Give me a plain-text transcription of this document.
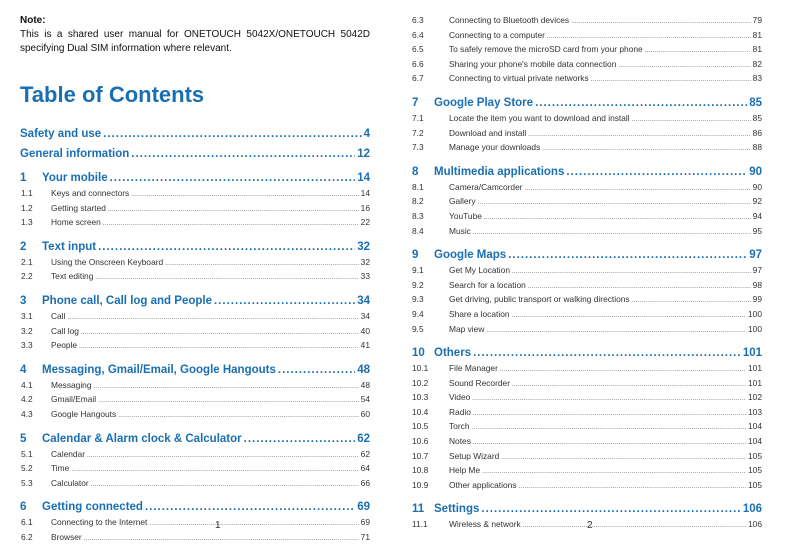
Note:
This is a shared user manual for ONETOUCH 5042X/ONETOUCH 5042D specifying Dual SIM information where relevant.
Table of Contents
Safety and use .....	4
General information .....	12
1	Your mobile .....	14
1.1	Keys and connectors .....	14
1.2	Getting started .....	16
1.3	Home screen .....	22
2	Text input .....	32
2.1	Using the Onscreen Keyboard .....	32
2.2	Text editing .....	33
3	Phone call, Call log and People .....	34
3.1	Call .....	34
3.2	Call log .....	40
3.3	People .....	41
4	Messaging, Gmail/Email, Google Hangouts .....	48
4.1	Messaging .....	48
4.2	Gmail/Email .....	54
4.3	Google Hangouts .....	60
5	Calendar & Alarm clock & Calculator .....	62
5.1	Calendar .....	62
5.2	Time .....	64
5.3	Calculator .....	66
6	Getting connected .....	69
6.1	Connecting to the Internet .....	69
6.2	Browser .....	71
1
6.3	Connecting to Bluetooth devices .....	79
6.4	Connecting to a computer .....	81
6.5	To safely remove the microSD card from your phone .....	81
6.6	Sharing your phone's mobile data connection .....	82
6.7	Connecting to virtual private networks .....	83
7	Google Play Store .....	85
7.1	Locate the item you want to download and install .....	85
7.2	Download and install .....	86
7.3	Manage your downloads .....	88
8	Multimedia applications .....	90
8.1	Camera/Camcorder .....	90
8.2	Gallery .....	92
8.3	YouTube .....	94
8.4	Music .....	95
9	Google Maps .....	97
9.1	Get My Location .....	97
9.2	Search for a location .....	98
9.3	Get driving, public transport or walking directions .....	99
9.4	Share a location .....	100
9.5	Map view .....	100
10 Others .....	101
10.1	File Manager .....	101
10.2	Sound Recorder .....	101
10.3	Video .....	102
10.4	Radio .....	103
10.5	Torch .....	104
10.6	Notes .....	104
10.7	Setup Wizard .....	105
10.8	Help Me .....	105
10.9	Other applications .....	105
11 Settings .....	106
11.1	Wireless & network .....	106
2
